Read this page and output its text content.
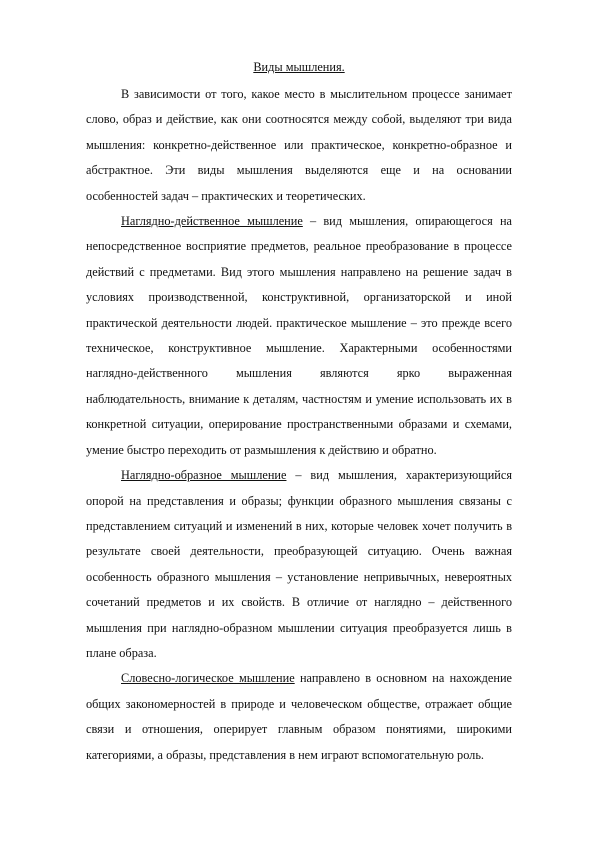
Виды мышления.

В зависимости от того, какое место в мыслительном процессе занимает слово, образ и действие, как они соотносятся между собой, выделяют три вида мышления: конкретно-действенное или практическое, конкретно-образное и абстрактное. Эти виды мышления выделяются еще и на основании особенностей задач – практических и теоретических.

Наглядно-действенное мышление – вид мышления, опирающегося на непосредственное восприятие предметов, реальное преобразование в процессе действий с предметами. Вид этого мышления направлено на решение задач в условиях производственной, конструктивной, организаторской и иной практической деятельности людей. практическое мышление – это прежде всего техническое, конструктивное мышление. Характерными особенностями наглядно-действенного мышления являются ярко выраженная наблюдательность, внимание к деталям, частностям и умение использовать их в конкретной ситуации, оперирование пространственными образами и схемами, умение быстро переходить от размышления к действию и обратно.

Наглядно-образное мышление – вид мышления, характеризующийся опорой на представления и образы; функции образного мышления связаны с представлением ситуаций и изменений в них, которые человек хочет получить в результате своей деятельности, преобразующей ситуацию. Очень важная особенность образного мышления – установление непривычных, невероятных сочетаний предметов и их свойств. В отличие от наглядно – действенного мышления при наглядно-образном мышлении ситуация преобразуется лишь в плане образа.

Словесно-логическое мышление направлено в основном на нахождение общих закономерностей в природе и человеческом обществе, отражает общие связи и отношения, оперирует главным образом понятиями, широкими категориями, а образы, представления в нем играют вспомогательную роль.
